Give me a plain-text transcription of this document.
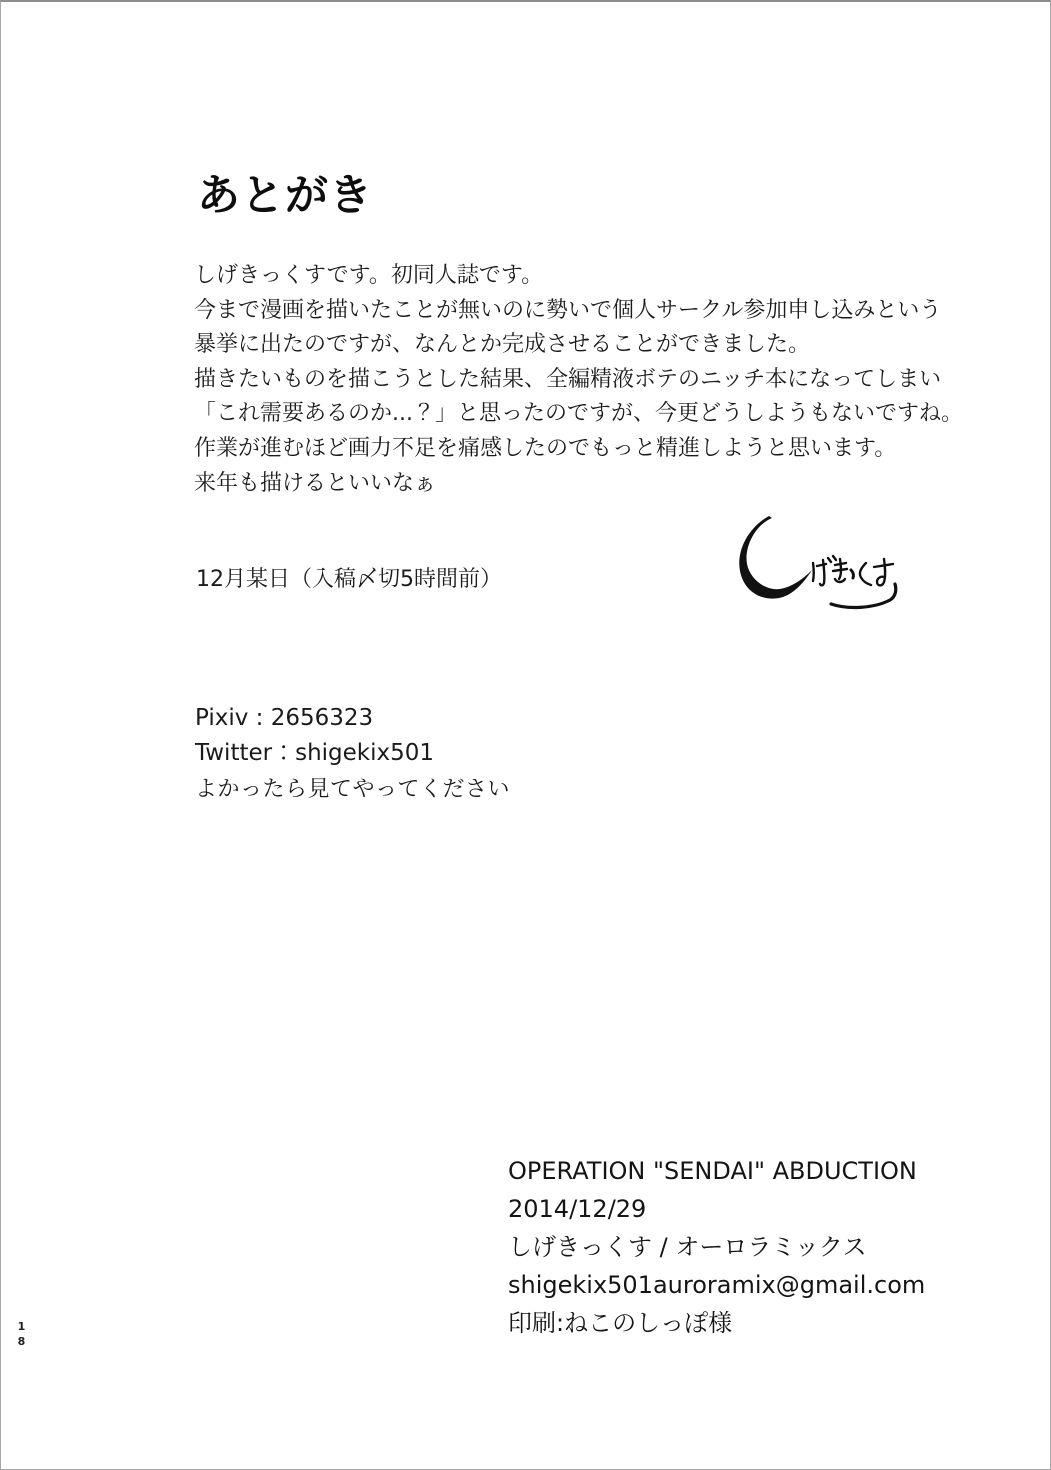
あとがき
しげきっくすです。初同人誌です。
今まで漫画を描いたことが無いのに勢いで個人サークル参加申し込みという
暴挙に出たのですが、なんとか完成させることができました。
描きたいものを描こうとした結果、全編精液ボテのニッチ本になってしまい
「これ需要あるのか...？」と思ったのですが、今更どうしようもないですね。
作業が進むほど画力不足を痛感したのでもっと精進しようと思います。
来年も描けるといいなぁ
12月某日（入稿〆切5時間前）
Pixiv : 2656323
Twitter：shigekix501
よかったら見てやってください
OPERATION "SENDAI" ABDUCTION
2014/12/29
しげきっくす / オーロラミックス
shigekix501auroramix@gmail.com
印刷:ねこのしっぽ様
18
